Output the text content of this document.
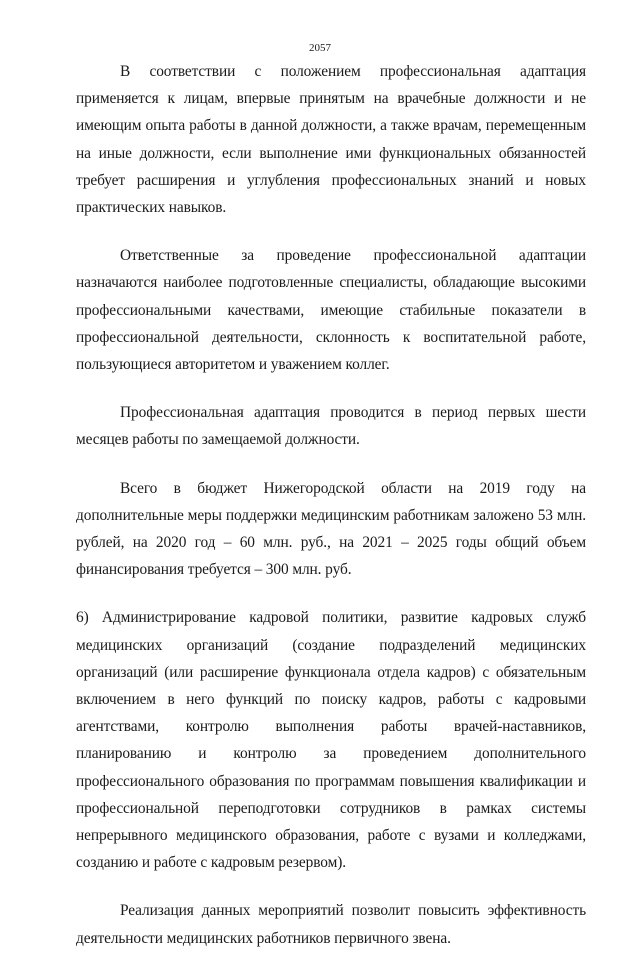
2057

В соответствии с положением профессиональная адаптация применяется к лицам, впервые принятым на врачебные должности и не имеющим опыта работы в данной должности, а также врачам, перемещенным на иные должности, если выполнение ими функциональных обязанностей требует расширения и углубления профессиональных знаний и новых практических навыков.

Ответственные за проведение профессиональной адаптации назначаются наиболее подготовленные специалисты, обладающие высокими профессиональными качествами, имеющие стабильные показатели в профессиональной деятельности, склонность к воспитательной работе, пользующиеся авторитетом и уважением коллег.

Профессиональная адаптация проводится в период первых шести месяцев работы по замещаемой должности.

Всего в бюджет Нижегородской области на 2019 году на дополнительные меры поддержки медицинским работникам заложено 53 млн. рублей, на 2020 год – 60 млн. руб., на 2021 – 2025 годы общий объем финансирования требуется – 300 млн. руб.

6) Администрирование кадровой политики, развитие кадровых служб медицинских организаций (создание подразделений медицинских организаций (или расширение функционала отдела кадров) с обязательным включением в него функций по поиску кадров, работы с кадровыми агентствами, контролю выполнения работы врачей-наставников, планированию и контролю за проведением дополнительного профессионального образования по программам повышения квалификации и профессиональной переподготовки сотрудников в рамках системы непрерывного медицинского образования, работе с вузами и колледжами, созданию и работе с кадровым резервом).

Реализация данных мероприятий позволит повысить эффективность деятельности медицинских работников первичного звена.
